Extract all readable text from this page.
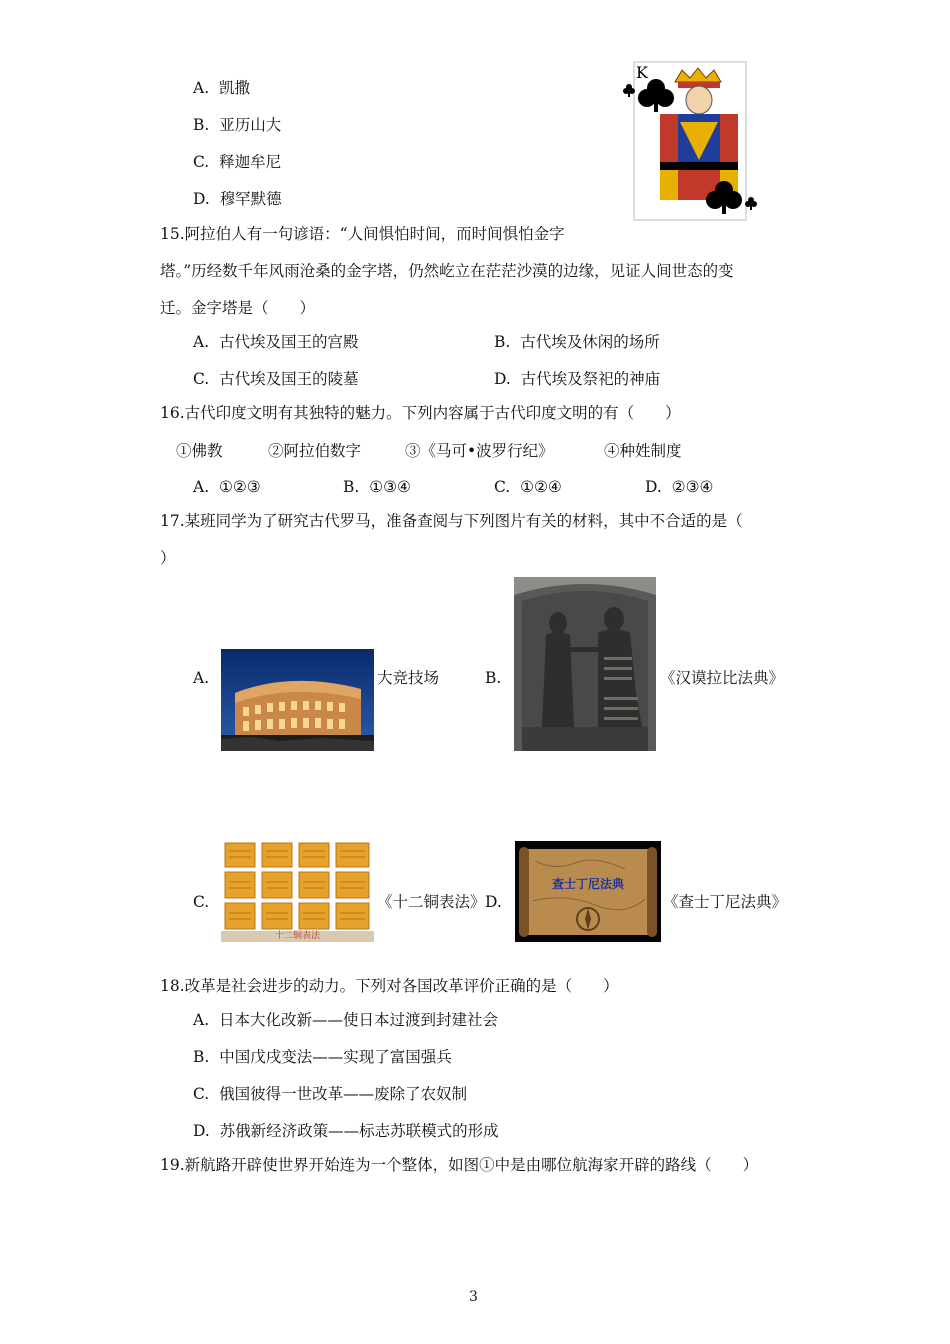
A. 凯撒
B. 亚历山大
C. 释迦牟尼
D. 穆罕默德
K
15.阿拉伯人有一句谚语：“人间惧怕时间，而时间惧怕金字
塔。”历经数千年风雨沧桑的金字塔，仍然屹立在茫茫沙漠的边缘，见证人间世态的变
迁。金字塔是（　　）
A. 古代埃及国王的宫殿	B. 古代埃及休闲的场所
C. 古代埃及国王的陵墓	D. 古代埃及祭祀的神庙
16.古代印度文明有其独特的魅力。下列内容属于古代印度文明的有（　　）
①佛教	②阿拉伯数字	③《马可•波罗行纪》	④种姓制度
A. ①②③	B. ①③④	C. ①②④	D. ②③④
17.某班同学为了研究古代罗马，准备查阅与下列图片有关的材料，其中不合适的是（
）
A.	大竞技场	B.	《汉谟拉比法典》
C.
十二铜表法
《十二铜表法》 D.
查士丁尼法典
《查士丁尼法典》
18.改革是社会进步的动力。下列对各国改革评价正确的是（　　）
A. 日本大化改新——使日本过渡到封建社会
B. 中国戊戌变法——实现了富国强兵
C. 俄国彼得一世改革——废除了农奴制
D. 苏俄新经济政策——标志苏联模式的形成
19.新航路开辟使世界开始连为一个整体，如图①中是由哪位航海家开辟的路线（　　）
3
